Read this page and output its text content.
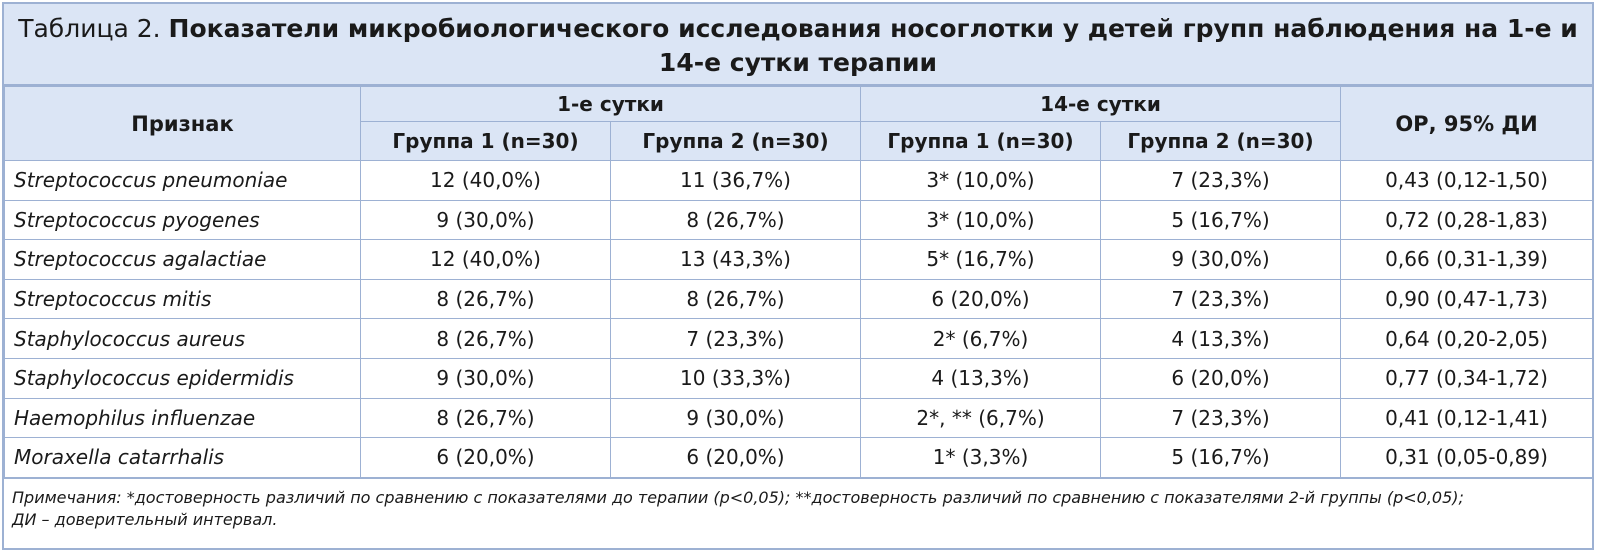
Таблица 2. Показатели микробиологического исследования носоглотки у детей групп наблюдения на 1-е и 14-е сутки терапии
Признак	1-е сутки		14-е сутки		ОР, 95% ДИ
	Группа 1 (n=30)	Группа 2 (n=30)	Группа 1 (n=30)	Группа 2 (n=30)	
Streptococcus pneumoniae	12 (40,0%)	11 (36,7%)	3* (10,0%)	7 (23,3%)	0,43 (0,12-1,50)
Streptococcus pyogenes	9 (30,0%)	8 (26,7%)	3* (10,0%)	5 (16,7%)	0,72 (0,28-1,83)
Streptococcus agalactiae	12 (40,0%)	13 (43,3%)	5* (16,7%)	9 (30,0%)	0,66 (0,31-1,39)
Streptococcus mitis	8 (26,7%)	8 (26,7%)	6 (20,0%)	7 (23,3%)	0,90 (0,47-1,73)
Staphylococcus aureus	8 (26,7%)	7 (23,3%)	2* (6,7%)	4 (13,3%)	0,64 (0,20-2,05)
Staphylococcus epidermidis	9 (30,0%)	10 (33,3%)	4 (13,3%)	6 (20,0%)	0,77 (0,34-1,72)
Haemophilus influenzae	8 (26,7%)	9 (30,0%)	2*, ** (6,7%)	7 (23,3%)	0,41 (0,12-1,41)
Moraxella catarrhalis	6 (20,0%)	6 (20,0%)	1* (3,3%)	5 (16,7%)	0,31 (0,05-0,89)
Примечания: *достоверность различий по сравнению с показателями до терапии (p<0,05); **достоверность различий по сравнению с показателями 2-й группы (p<0,05);
ДИ – доверительный интервал.
